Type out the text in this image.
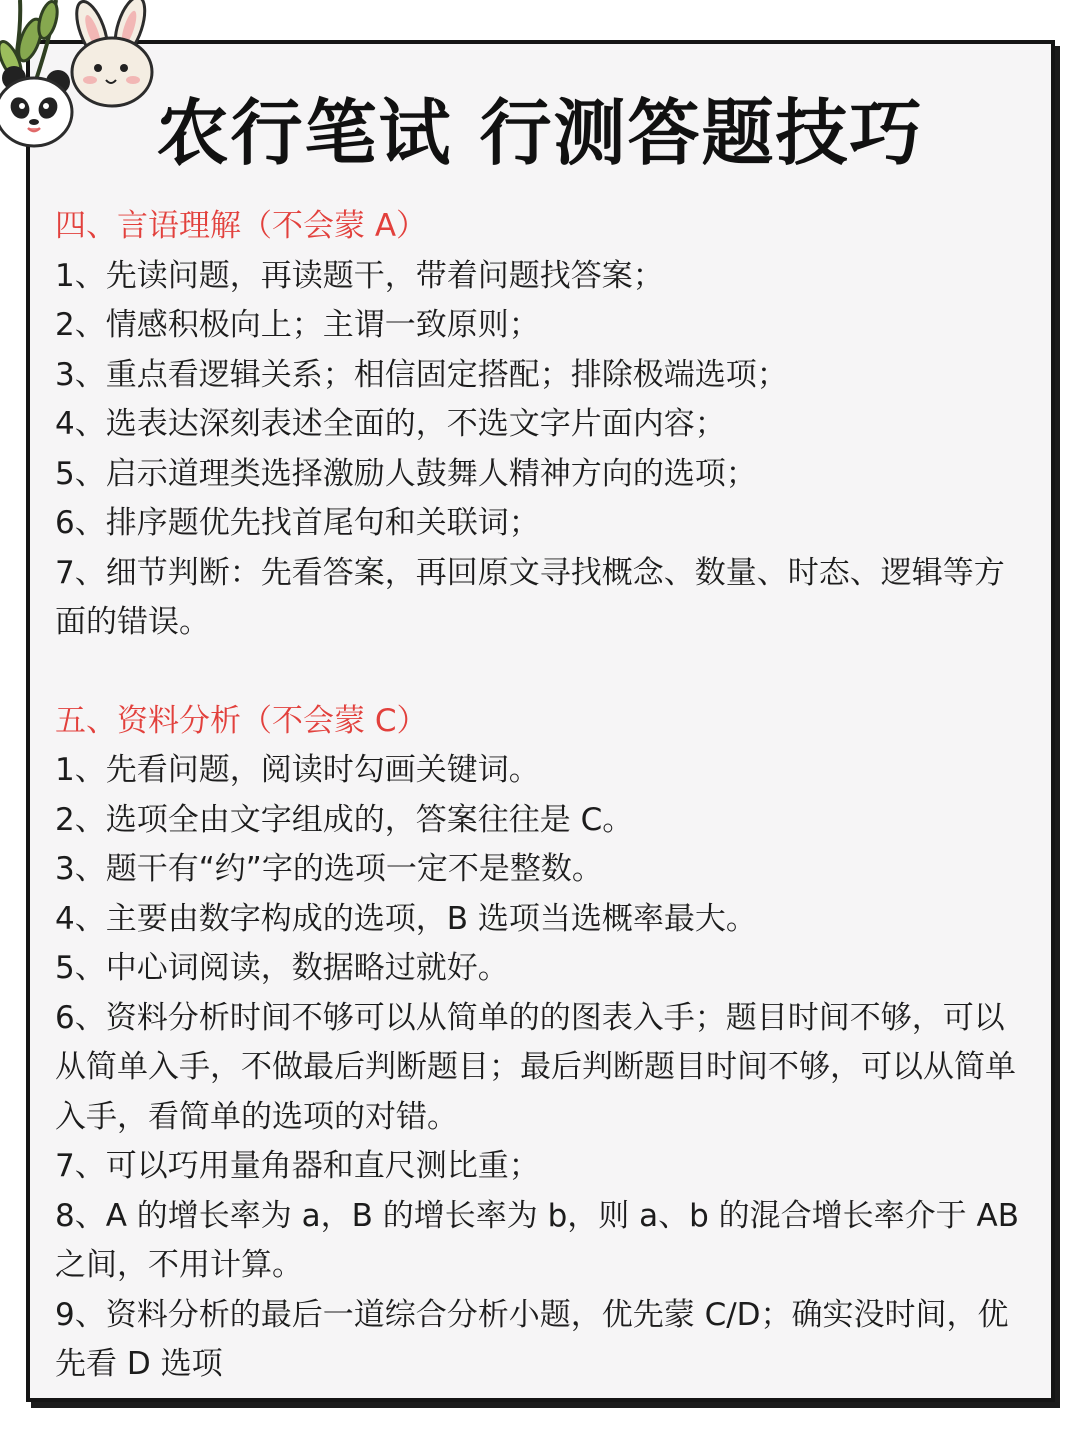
农行笔试 行测答题技巧

四、言语理解（不会蒙 A）

1、先读问题，再读题干，带着问题找答案；

2、情感积极向上；主谓一致原则；

3、重点看逻辑关系；相信固定搭配；排除极端选项；

4、选表达深刻表述全面的，不选文字片面内容；

5、启示道理类选择激励人鼓舞人精神方向的选项；

6、排序题优先找首尾句和关联词；

7、细节判断：先看答案，再回原文寻找概念、数量、时态、逻辑等方面的错误。

五、资料分析（不会蒙 C）

1、先看问题，阅读时勾画关键词。

2、选项全由文字组成的，答案往往是 C。

3、题干有“约”字的选项一定不是整数。

4、主要由数字构成的选项，B 选项当选概率最大。

5、中心词阅读，数据略过就好。

6、资料分析时间不够可以从简单的的图表入手；题目时间不够，可以从简单入手，不做最后判断题目；最后判断题目时间不够，可以从简单入手，看简单的选项的对错。

7、可以巧用量角器和直尺测比重；

8、A 的增长率为 a，B 的增长率为 b，则 a、b 的混合增长率介于 AB 之间，不用计算。

9、资料分析的最后一道综合分析小题，优先蒙 C/D；确实没时间，优先看 D 选项
